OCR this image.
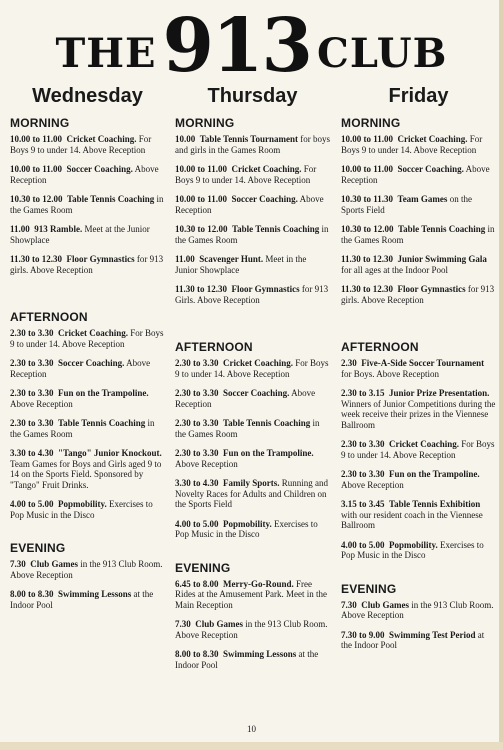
THE 913 CLUB
Wednesday
MORNING
10.00 to 11.00 Cricket Coaching. For Boys 9 to under 14. Above Reception
10.00 to 11.00 Soccer Coaching. Above Reception
10.30 to 12.00 Table Tennis Coaching in the Games Room
11.00 913 Ramble. Meet at the Junior Showplace
11.30 to 12.30 Floor Gymnastics for 913 girls. Above Reception
AFTERNOON
2.30 to 3.30 Cricket Coaching. For Boys 9 to under 14. Above Reception
2.30 to 3.30 Soccer Coaching. Above Reception
2.30 to 3.30 Fun on the Trampoline. Above Reception
2.30 to 3.30 Table Tennis Coaching in the Games Room
3.30 to 4.30 "Tango" Junior Knockout. Team Games for Boys and Girls aged 9 to 14 on the Sports Field. Sponsored by "Tango" Fruit Drinks.
4.00 to 5.00 Popmobility. Exercises to Pop Music in the Disco
EVENING
7.30 Club Games in the 913 Club Room. Above Reception
8.00 to 8.30 Swimming Lessons at the Indoor Pool
Thursday
MORNING
10.00 Table Tennis Tournament for boys and girls in the Games Room
10.00 to 11.00 Cricket Coaching. For Boys 9 to under 14. Above Reception
10.00 to 11.00 Soccer Coaching. Above Reception
10.30 to 12.00 Table Tennis Coaching in the Games Room
11.00 Scavenger Hunt. Meet in the Junior Showplace
11.30 to 12.30 Floor Gymnastics for 913 Girls. Above Reception
AFTERNOON
2.30 to 3.30 Cricket Coaching. For Boys 9 to under 14. Above Reception
2.30 to 3.30 Soccer Coaching. Above Reception
2.30 to 3.30 Table Tennis Coaching in the Games Room
2.30 to 3.30 Fun on the Trampoline. Above Reception
3.30 to 4.30 Family Sports. Running and Novelty Races for Adults and Children on the Sports Field
4.00 to 5.00 Popmobility. Exercises to Pop Music in the Disco
EVENING
6.45 to 8.00 Merry-Go-Round. Free Rides at the Amusement Park. Meet in the Main Reception
7.30 Club Games in the 913 Club Room. Above Reception
8.00 to 8.30 Swimming Lessons at the Indoor Pool
Friday
MORNING
10.00 to 11.00 Cricket Coaching. For Boys 9 to under 14. Above Reception
10.00 to 11.00 Soccer Coaching. Above Reception
10.30 to 11.30 Team Games on the Sports Field
10.30 to 12.00 Table Tennis Coaching in the Games Room
11.30 to 12.30 Junior Swimming Gala for all ages at the Indoor Pool
11.30 to 12.30 Floor Gymnastics for 913 girls. Above Reception
AFTERNOON
2.30 Five-A-Side Soccer Tournament for Boys. Above Reception
2.30 to 3.15 Junior Prize Presentation. Winners of Junior Competitions during the week receive their prizes in the Viennese Ballroom
2.30 to 3.30 Cricket Coaching. For Boys 9 to under 14. Above Reception
2.30 to 3.30 Fun on the Trampoline. Above Reception
3.15 to 3.45 Table Tennis Exhibition with our resident coach in the Viennese Ballroom
4.00 to 5.00 Popmobility. Exercises to Pop Music in the Disco
EVENING
7.30 Club Games in the 913 Club Room. Above Reception
7.30 to 9.00 Swimming Test Period at the Indoor Pool
10
